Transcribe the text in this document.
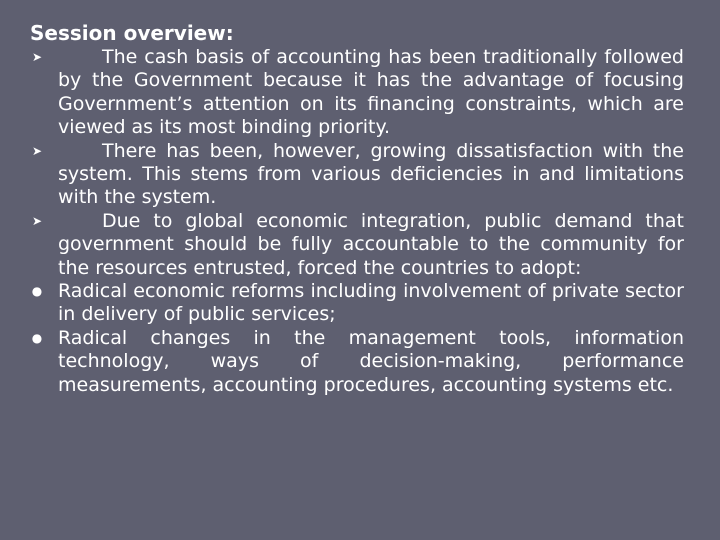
Session overview:
➤	The cash basis of accounting has been traditionally followed by the Government because it has the advantage of focusing Government’s attention on its financing constraints, which are viewed as its most binding priority.
➤	There has been, however, growing dissatisfaction with the system. This stems from various deficiencies in and limitations with the system.
➤	Due to global economic integration, public demand that government should be fully accountable to the community for the resources entrusted, forced the countries to adopt:
● Radical economic reforms including involvement of private sector in delivery of public services;
● Radical changes in the management tools, information technology, ways of decision-making, performance measurements, accounting procedures, accounting systems etc.
